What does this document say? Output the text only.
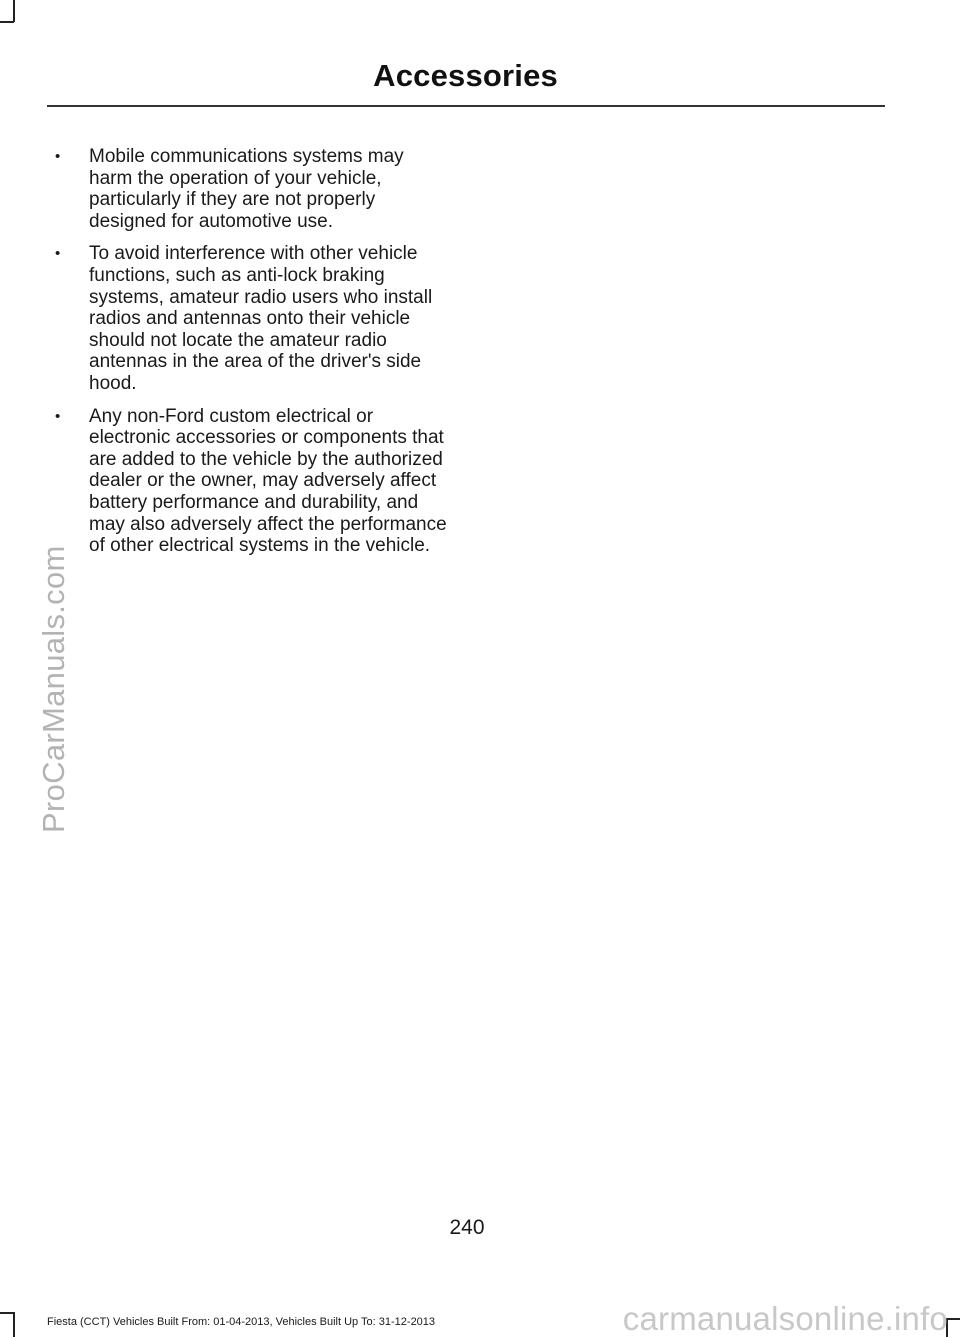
Accessories
• Mobile communications systems may harm the operation of your vehicle, particularly if they are not properly designed for automotive use.
• To avoid interference with other vehicle functions, such as anti-lock braking systems, amateur radio users who install radios and antennas onto their vehicle should not locate the amateur radio antennas in the area of the driver's side hood.
• Any non-Ford custom electrical or electronic accessories or components that are added to the vehicle by the authorized dealer or the owner, may adversely affect battery performance and durability, and may also adversely affect the performance of other electrical systems in the vehicle.
ProCarManuals.com
240
Fiesta (CCT) Vehicles Built From: 01-04-2013, Vehicles Built Up To: 31-12-2013	carmanualsonline.info
